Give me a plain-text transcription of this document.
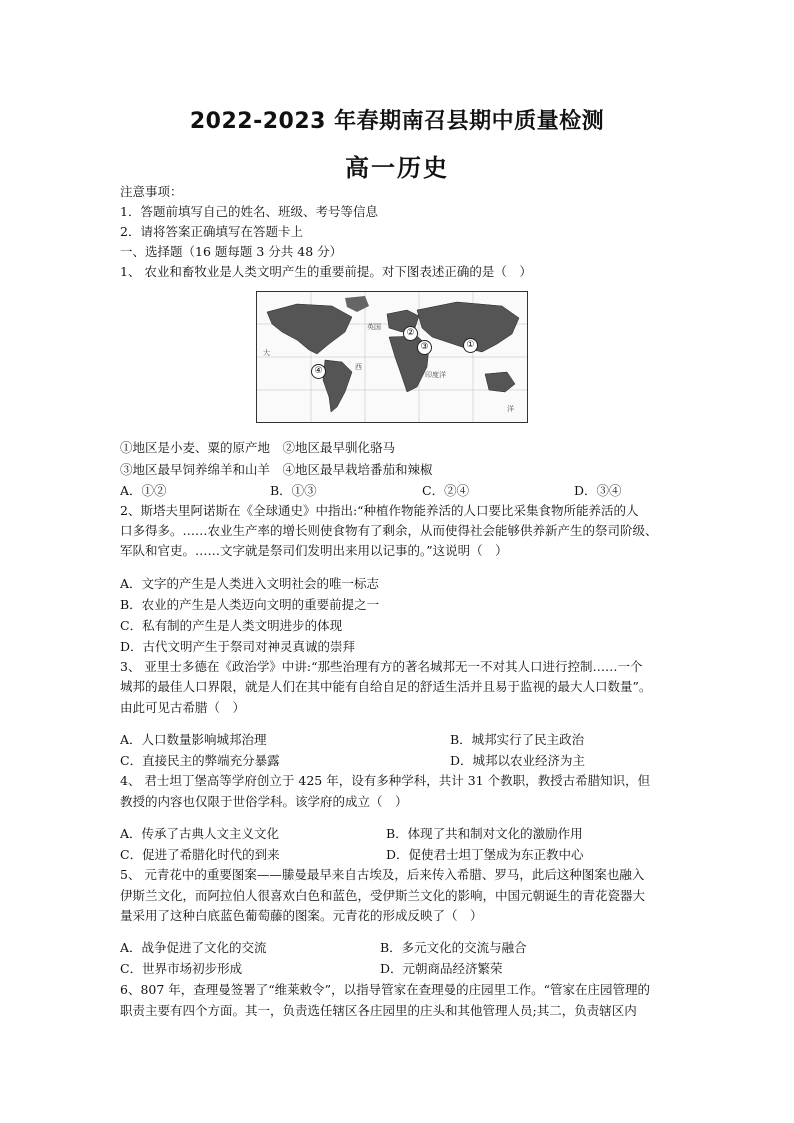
2022-2023 年春期南召县期中质量检测
高一历史
注意事项：
1．答题前填写自己的姓名、班级、考号等信息
2．请将答案正确填写在答题卡上
一、选择题（16 题每题 3 分共 48 分）
1、 农业和畜牧业是人类文明产生的重要前提。对下图表述正确的是（　）
英国
西
印度洋
大
洋
①
②
③
④
①地区是小麦、粟的原产地　②地区最早驯化骆马
③地区最早饲养绵羊和山羊　④地区最早栽培番茄和辣椒
A．①②	B．①③	C．②④	D．③④
2、斯塔夫里阿诺斯在《全球通史》中指出:“种植作物能养活的人口要比采集食物所能养活的人
口多得多。……农业生产率的增长则使食物有了剩余，从而使得社会能够供养新产生的祭司阶级、
军队和官吏。……文字就是祭司们发明出来用以记事的。”这说明（　）
A．文字的产生是人类进入文明社会的唯一标志
B．农业的产生是人类迈向文明的重要前提之一
C．私有制的产生是人类文明进步的体现
D．古代文明产生于祭司对神灵真诚的崇拜
3、 亚里士多德在《政治学》中讲:“那些治理有方的著名城邦无一不对其人口进行控制……一个
城邦的最佳人口界限，就是人们在其中能有自给自足的舒适生活并且易于监视的最大人口数量”。
由此可见古希腊（　）
A．人口数量影响城邦治理	B．城邦实行了民主政治
C．直接民主的弊端充分暴露	D．城邦以农业经济为主
4、 君士坦丁堡高等学府创立于 425 年，设有多种学科，共计 31 个教职，教授古希腊知识，但
教授的内容也仅限于世俗学科。该学府的成立（　）
A．传承了古典人文主义文化	B．体现了共和制对文化的激励作用
C．促进了希腊化时代的到来	D．促使君士坦丁堡成为东正教中心
5、 元青花中的重要图案——縢曼最早来自古埃及，后来传入希腊、罗马，此后这种图案也融入
伊斯兰文化，而阿拉伯人很喜欢白色和蓝色，受伊斯兰文化的影响，中国元朝诞生的青花瓷器大
量采用了这种白底蓝色葡萄藤的图案。元青花的形成反映了（　）
A．战争促进了文化的交流	B．多元文化的交流与融合
C．世界市场初步形成	D．元朝商品经济繁荣
6、807 年，查理曼签署了“维莱敕令”，以指导管家在查理曼的庄园里工作。“管家在庄园管理的
职责主要有四个方面。其一，负责选任辖区各庄园里的庄头和其他管理人员;其二，负责辖区内
